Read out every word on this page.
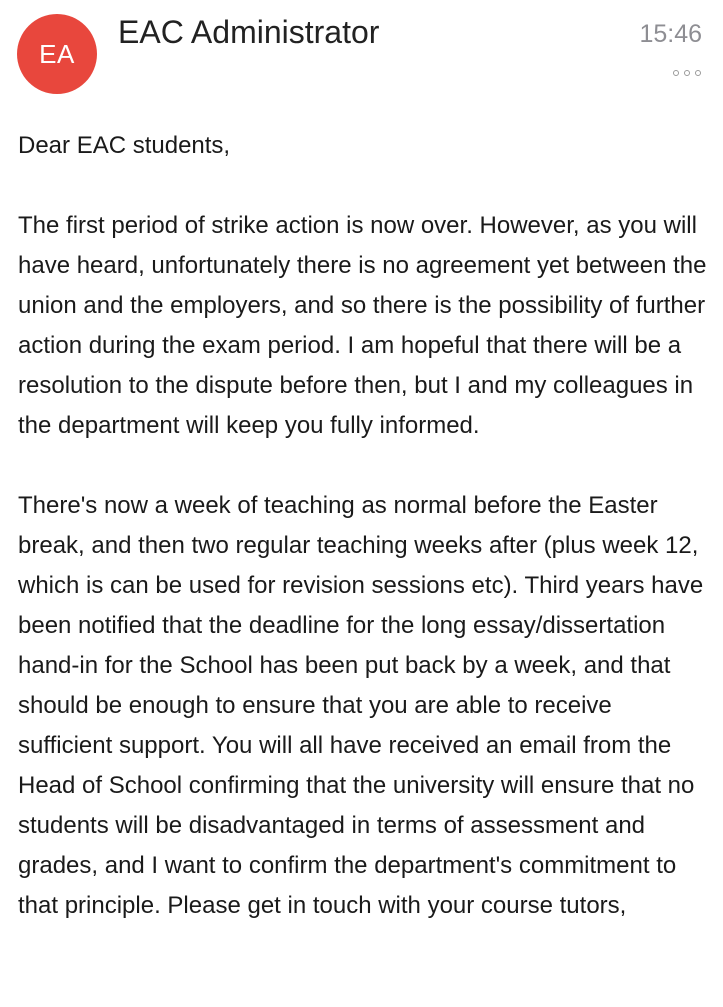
EA
EAC Administrator	15:46

Dear EAC students,

The first period of strike action is now over. However, as you will have heard, unfortunately there is no agreement yet between the union and the employers, and so there is the possibility of further action during the exam period. I am hopeful that there will be a resolution to the dispute before then, but I and my colleagues in the department will keep you fully informed.

There's now a week of teaching as normal before the Easter break, and then two regular teaching weeks after (plus week 12, which is can be used for revision sessions etc). Third years have been notified that the deadline for the long essay/dissertation hand-in for the School has been put back by a week, and that should be enough to ensure that you are able to receive sufficient support. You will all have received an email from the Head of School confirming that the university will ensure that no students will be disadvantaged in terms of assessment and grades, and I want to confirm the department's commitment to that principle. Please get in touch with your course tutors,
